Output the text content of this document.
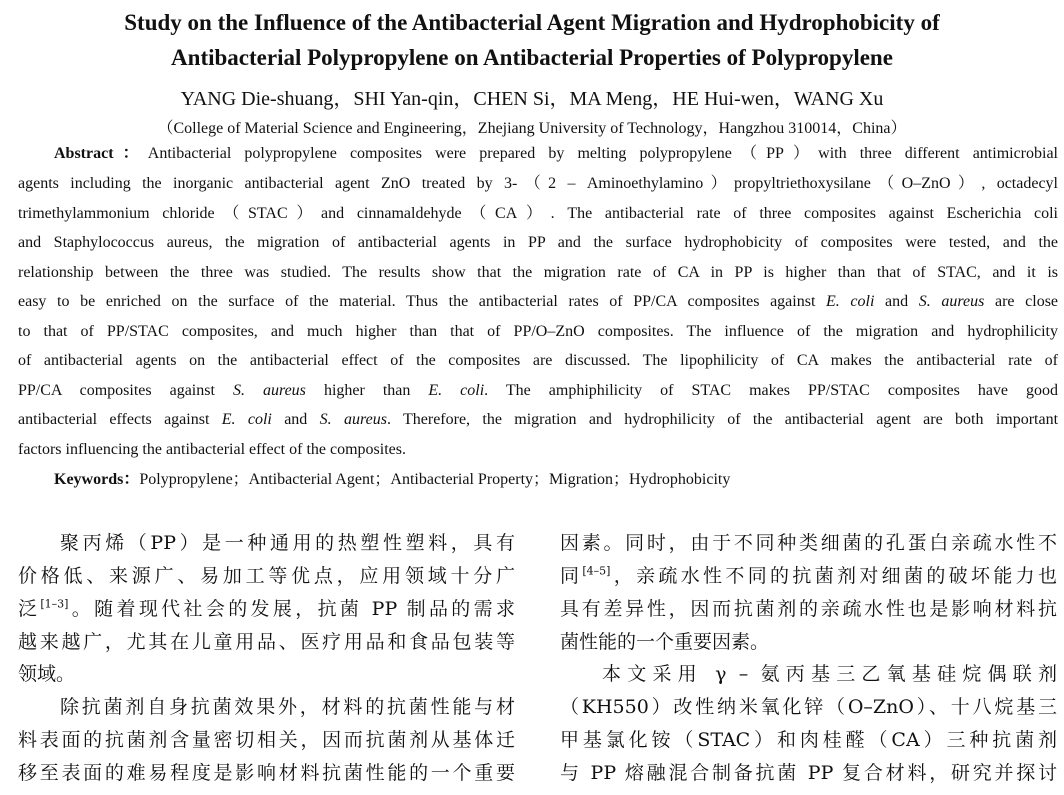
Study on the Influence of the Antibacterial Agent Migration and Hydrophobicity of
Antibacterial Polypropylene on Antibacterial Properties of Polypropylene
YANG Die-shuang，SHI Yan-qin，CHEN Si，MA Meng，HE Hui-wen，WANG Xu
（College of Material Science and Engineering，Zhejiang University of Technology，Hangzhou 310014，China）
Abstract：Antibacterial polypropylene composites were prepared by melting polypropylene（PP）with three different antimicrobial
agents including the inorganic antibacterial agent ZnO treated by 3-（2 – Aminoethylamino）propyltriethoxysilane（O–ZnO）, octadecyl
trimethylammonium chloride（STAC）and cinnamaldehyde（CA）. The antibacterial rate of three composites against Escherichia coli
and Staphylococcus aureus, the migration of antibacterial agents in PP and the surface hydrophobicity of composites were tested, and the
relationship between the three was studied. The results show that the migration rate of CA in PP is higher than that of STAC, and it is
easy to be enriched on the surface of the material. Thus the antibacterial rates of PP/CA composites against E. coli and S. aureus are close
to that of PP/STAC composites, and much higher than that of PP/O–ZnO composites. The influence of the migration and hydrophilicity
of antibacterial agents on the antibacterial effect of the composites are discussed. The lipophilicity of CA makes the antibacterial rate of
PP/CA composites against S. aureus higher than E. coli. The amphiphilicity of STAC makes PP/STAC composites have good
antibacterial effects against E. coli and S. aureus. Therefore, the migration and hydrophilicity of the antibacterial agent are both important
factors influencing the antibacterial effect of the composites.
Keywords：Polypropylene；Antibacterial Agent；Antibacterial Property；Migration；Hydrophobicity
聚丙烯（PP）是一种通用的热塑性塑料，具有
价格低、来源广、易加工等优点，应用领域十分广
泛[1–3]。随着现代社会的发展，抗菌 PP 制品的需求
越来越广，尤其在儿童用品、医疗用品和食品包装等
领域。
除抗菌剂自身抗菌效果外，材料的抗菌性能与材
料表面的抗菌剂含量密切相关，因而抗菌剂从基体迁
移至表面的难易程度是影响材料抗菌性能的一个重要
因素。同时，由于不同种类细菌的孔蛋白亲疏水性不
同[4–5]，亲疏水性不同的抗菌剂对细菌的破坏能力也
具有差异性，因而抗菌剂的亲疏水性也是影响材料抗
菌性能的一个重要因素。
本文采用 γ – 氨丙基三乙氧基硅烷偶联剂
（KH550）改性纳米氧化锌（O–ZnO）、十八烷基三
甲基氯化铵（STAC）和肉桂醛（CA）三种抗菌剂
与 PP 熔融混合制备抗菌 PP 复合材料，研究并探讨
